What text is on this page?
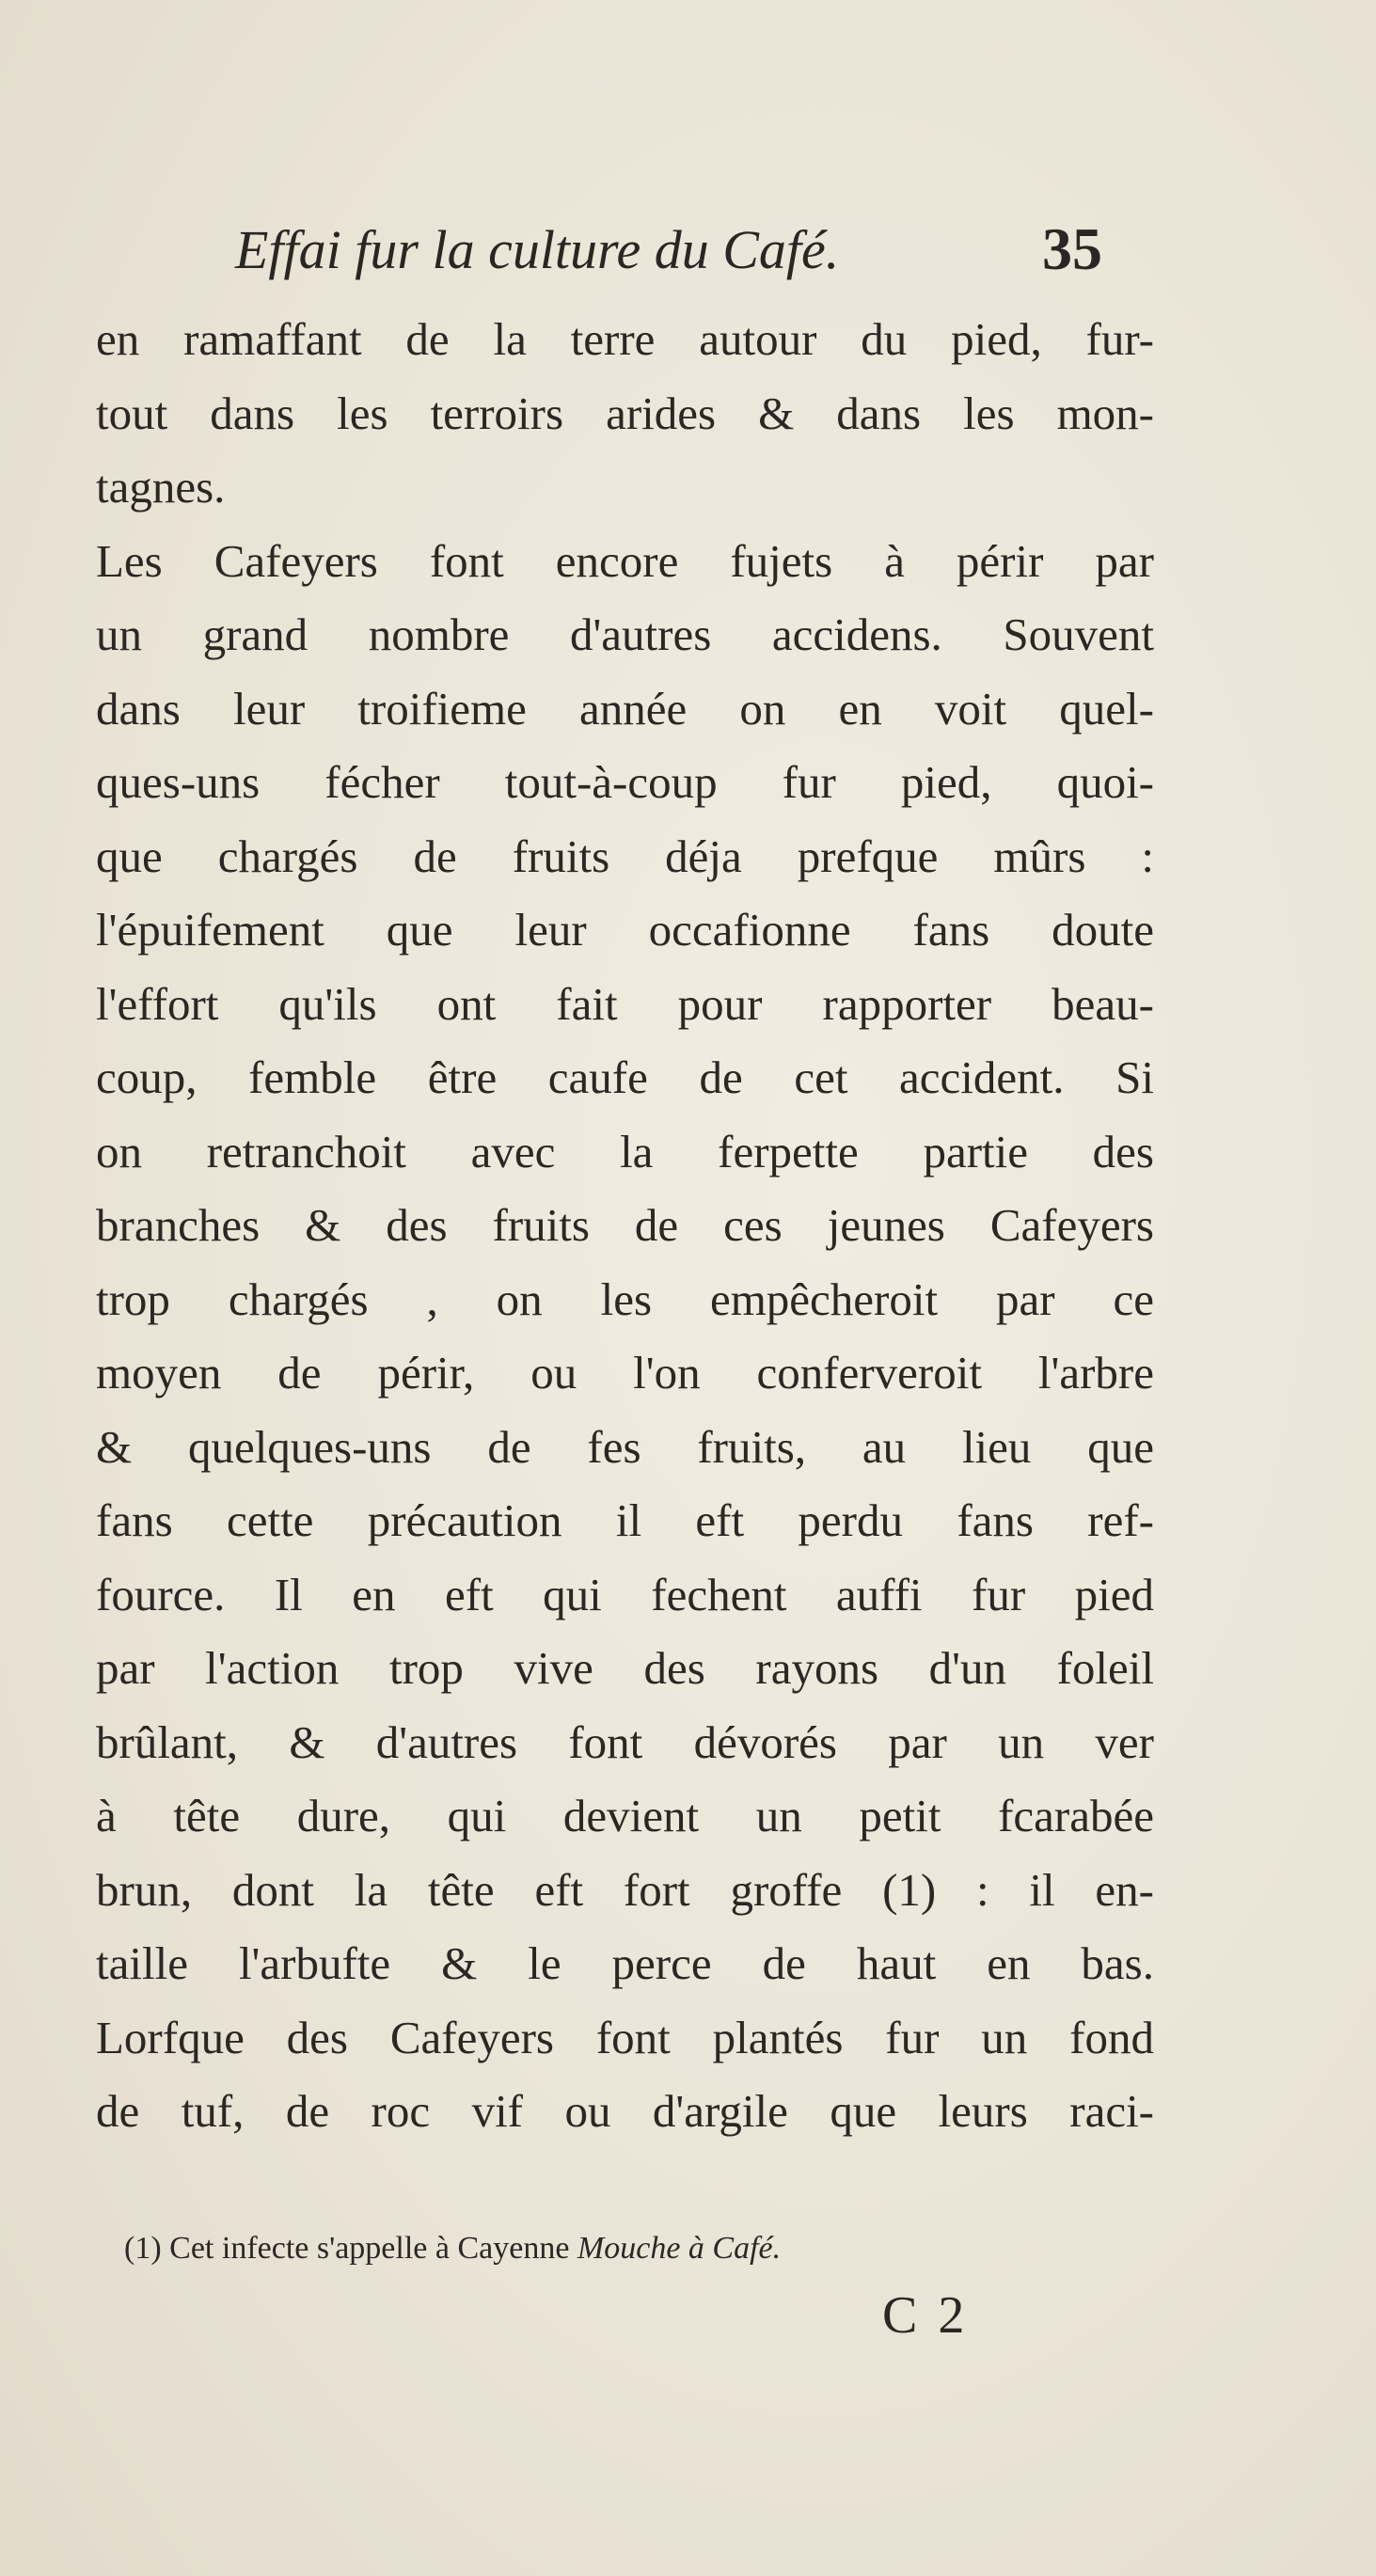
Effai fur la culture du Café.	35
en ramaffant de la terre autour du pied, fur-
tout dans les terroirs arides & dans les mon-
tagnes.
Les Cafeyers font encore fujets à périr par
un grand nombre d'autres accidens. Souvent
dans leur troifieme année on en voit quel-
ques-uns fécher tout-à-coup fur pied, quoi-
que chargés de fruits déja prefque mûrs :
l'épuifement que leur occafionne fans doute
l'effort qu'ils ont fait pour rapporter beau-
coup, femble être caufe de cet accident. Si
on retranchoit avec la ferpette partie des
branches & des fruits de ces jeunes Cafeyers
trop chargés , on les empêcheroit par ce
moyen de périr, ou l'on conferveroit l'arbre
& quelques-uns de fes fruits, au lieu que
fans cette précaution il eft perdu fans ref-
fource. Il en eft qui fechent auffi fur pied
par l'action trop vive des rayons d'un foleil
brûlant, & d'autres font dévorés par un ver
à tête dure, qui devient un petit fcarabée
brun, dont la tête eft fort groffe (1) : il en-
taille l'arbufte & le perce de haut en bas.
Lorfque des Cafeyers font plantés fur un fond
de tuf, de roc vif ou d'argile que leurs raci-
(1) Cet infecte s'appelle à Cayenne Mouche à Café.
C 2
